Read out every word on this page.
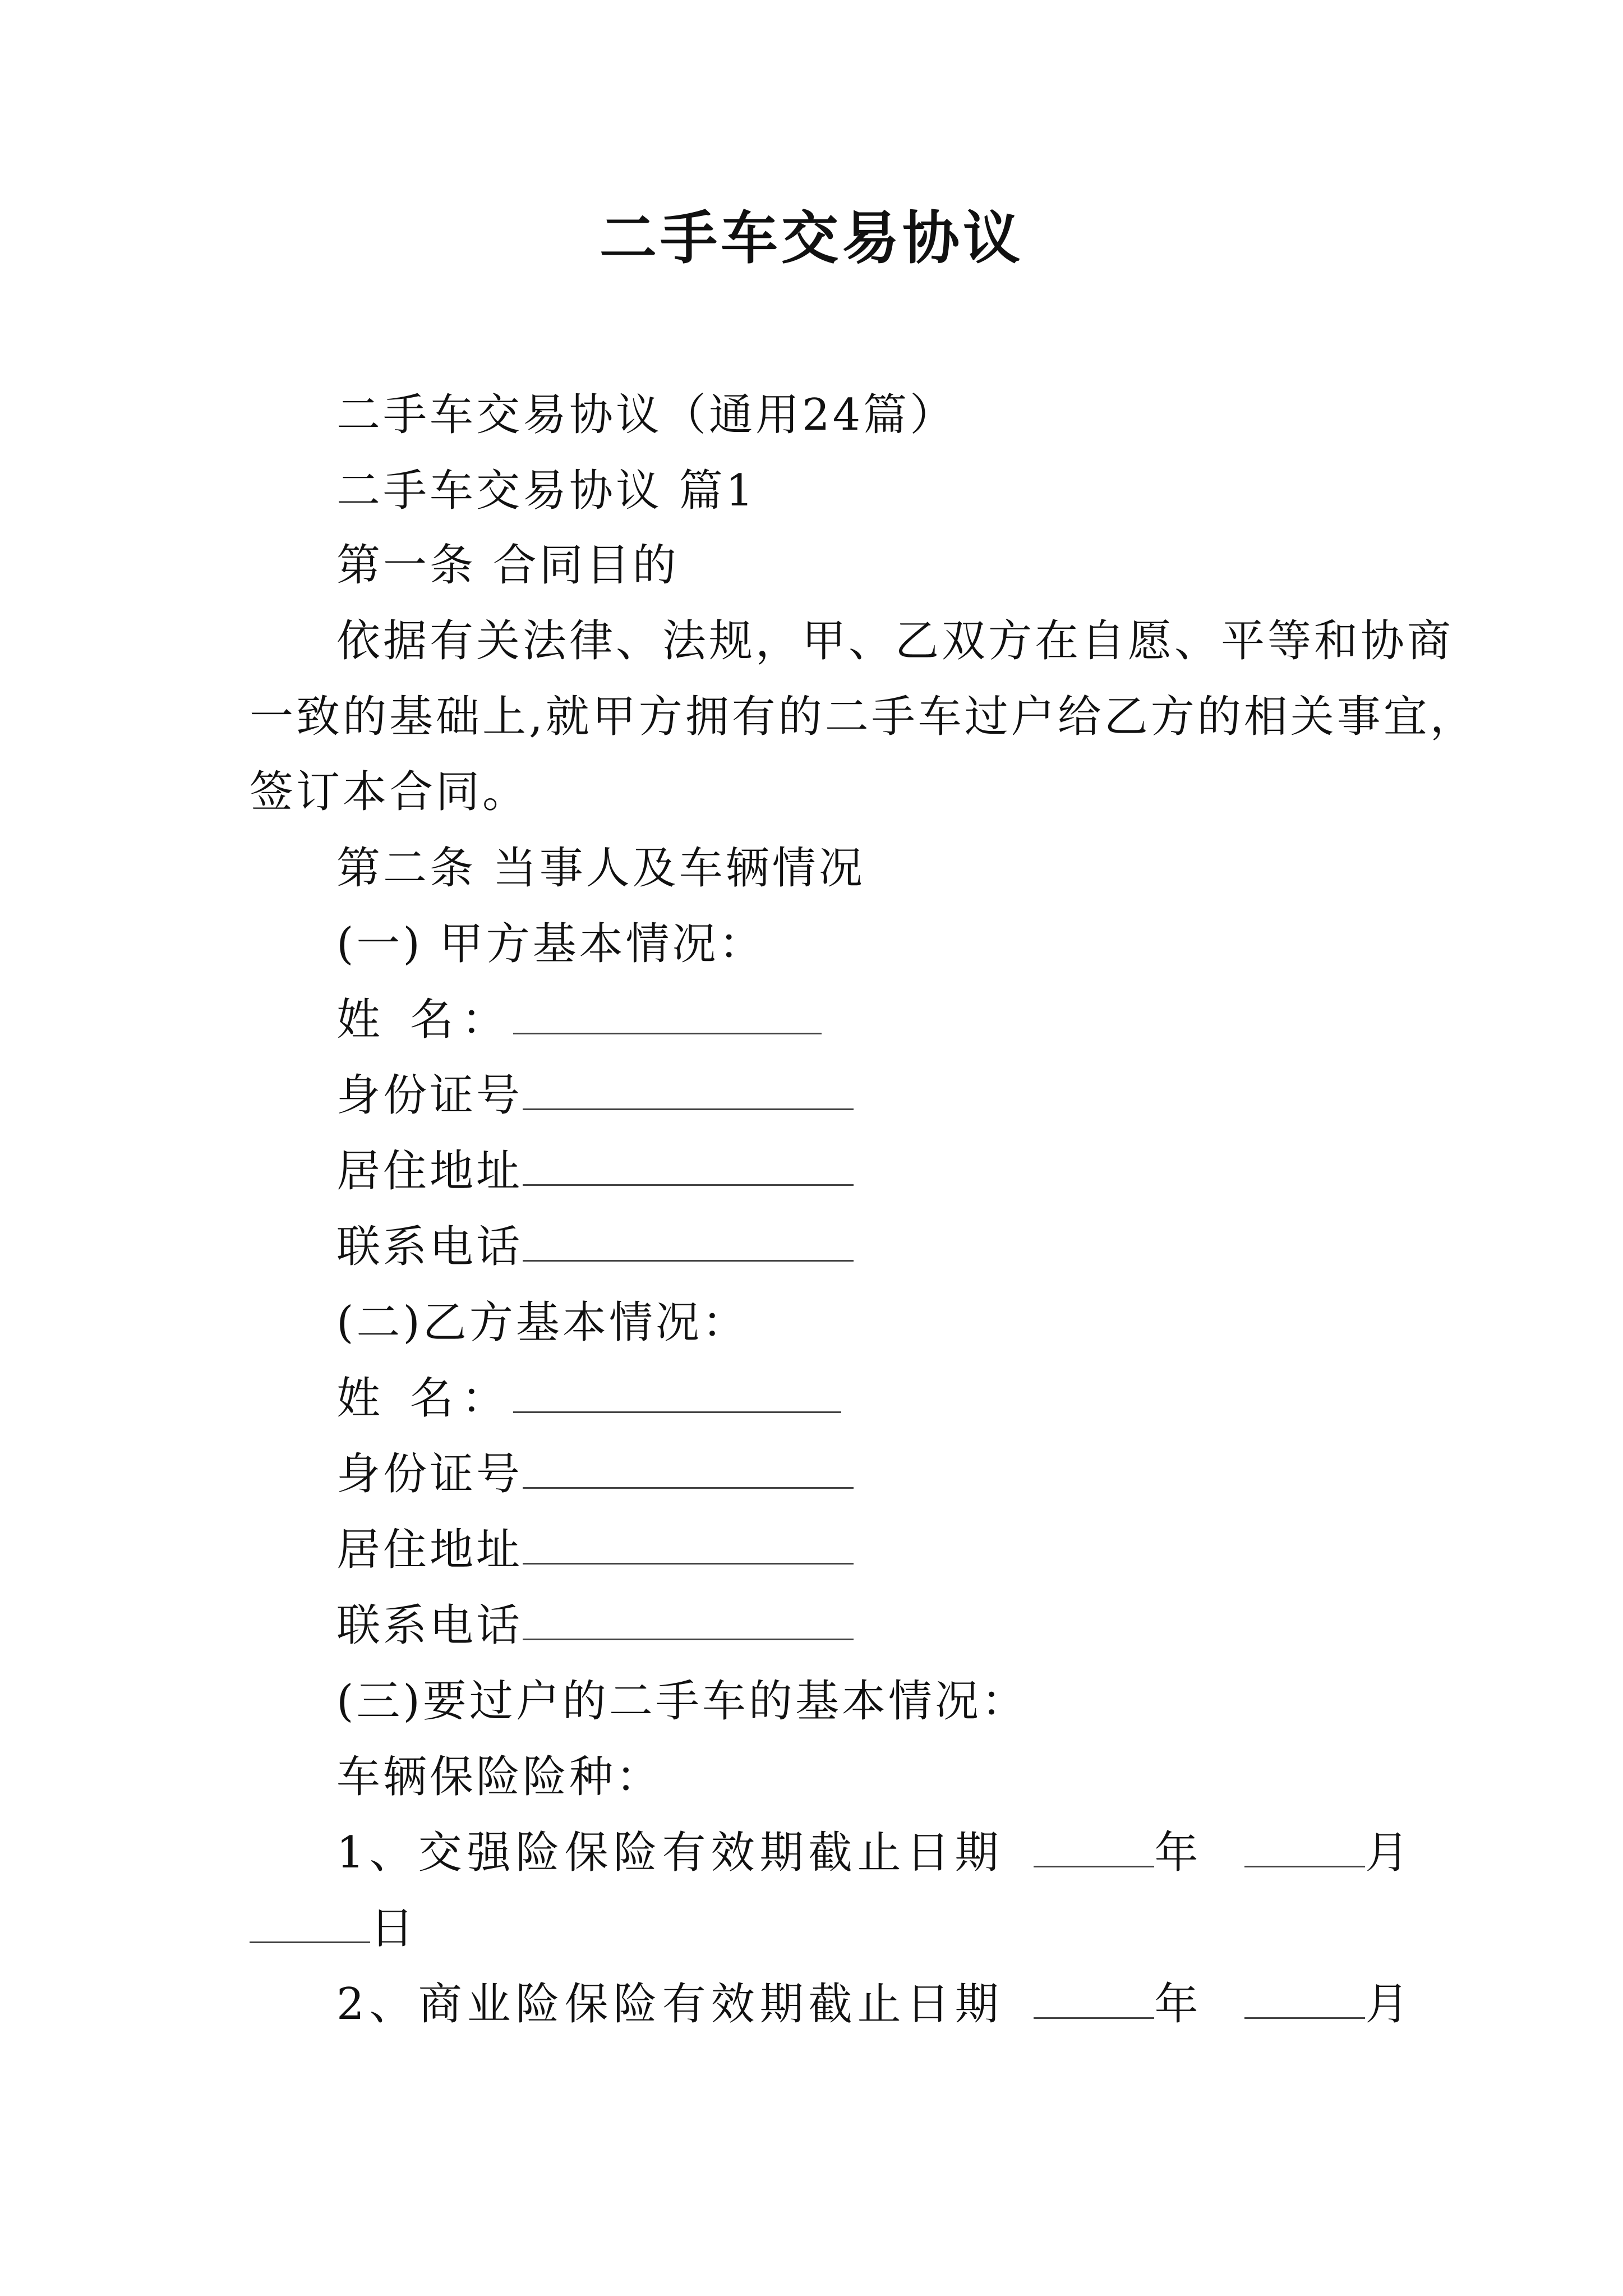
二手车交易协议
二手车交易协议（通用24篇）
二手车交易协议 篇1
第一条 合同目的
依据有关法律、法规，甲、乙双方在自愿、平等和协商
一致的基础上,就甲方拥有的二手车过户给乙方的相关事宜，
签订本合同。
第二条 当事人及车辆情况
(一) 甲方基本情况：
姓 名：
身份证号
居住地址
联系电话
(二)乙方基本情况：
姓 名：
身份证号
居住地址
联系电话
(三)要过户的二手车的基本情况：
车辆保险险种：
1、交强险保险有效期截止日期	年	月
日
2、商业险保险有效期截止日期	年	月
